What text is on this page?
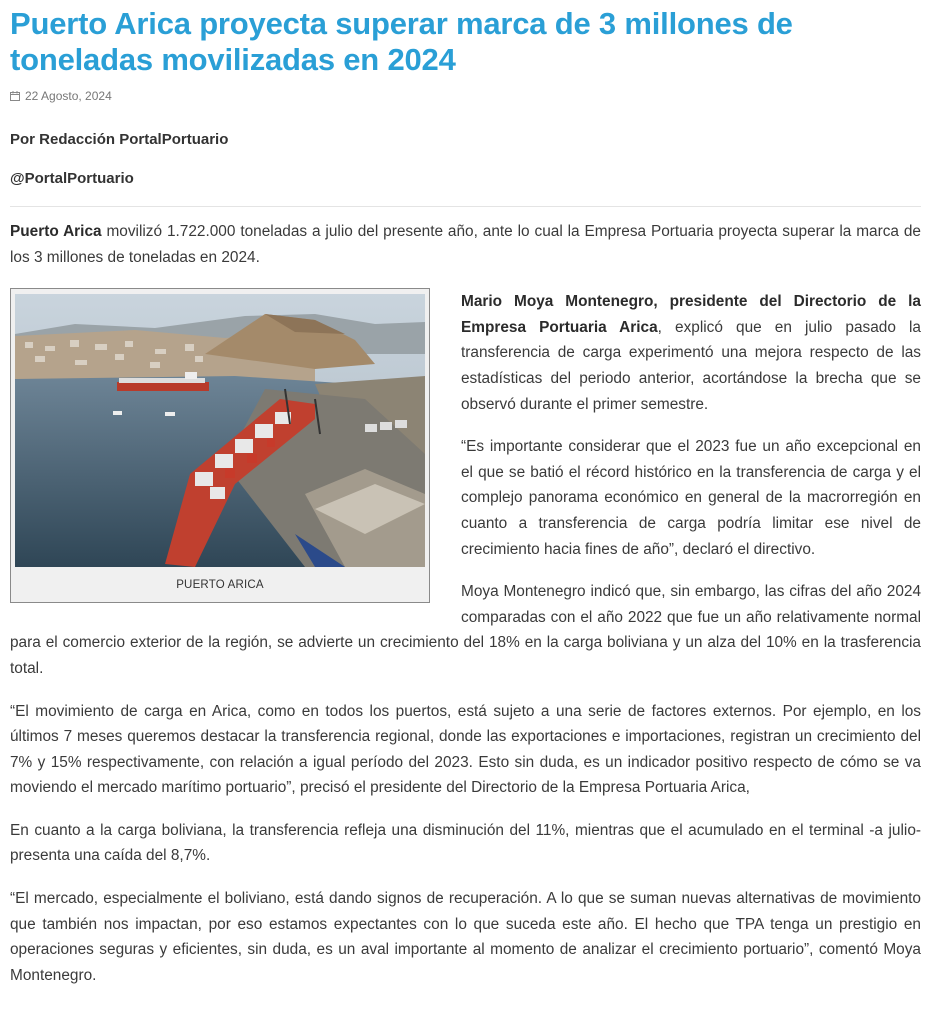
Puerto Arica proyecta superar marca de 3 millones de toneladas movilizadas en 2024
22 Agosto, 2024
Por Redacción PortalPortuario
@PortalPortuario

Puerto Arica movilizó 1.722.000 toneladas a julio del presente año, ante lo cual la Empresa Portuaria proyecta superar la marca de los 3 millones de toneladas en 2024.

PUERTO ARICA

Mario Moya Montenegro, presidente del Directorio de la Empresa Portuaria Arica, explicó que en julio pasado la transferencia de carga experimentó una mejora respecto de las estadísticas del periodo anterior, acortándose la brecha que se observó durante el primer semestre.

“Es importante considerar que el 2023 fue un año excepcional en el que se batió el récord histórico en la transferencia de carga y el complejo panorama económico en general de la macrorregión en cuanto a transferencia de carga podría limitar ese nivel de crecimiento hacia fines de año”, declaró el directivo.

Moya Montenegro indicó que, sin embargo, las cifras del año 2024 comparadas con el año 2022 que fue un año relativamente normal para el comercio exterior de la región, se advierte un crecimiento del 18% en la carga boliviana y un alza del 10% en la trasferencia total.

“El movimiento de carga en Arica, como en todos los puertos, está sujeto a una serie de factores externos. Por ejemplo, en los últimos 7 meses queremos destacar la transferencia regional, donde las exportaciones e importaciones, registran un crecimiento del 7% y 15% respectivamente, con relación a igual período del 2023. Esto sin duda, es un indicador positivo respecto de cómo se va moviendo el mercado marítimo portuario”, precisó el presidente del Directorio de la Empresa Portuaria Arica,

En cuanto a la carga boliviana, la transferencia refleja una disminución del 11%, mientras que el acumulado en el terminal -a julio- presenta una caída del 8,7%.

“El mercado, especialmente el boliviano, está dando signos de recuperación. A lo que se suman nuevas alternativas de movimiento que también nos impactan, por eso estamos expectantes con lo que suceda este año. El hecho que TPA tenga un prestigio en operaciones seguras y eficientes, sin duda, es un aval importante al momento de analizar el crecimiento portuario”, comentó Moya Montenegro.
